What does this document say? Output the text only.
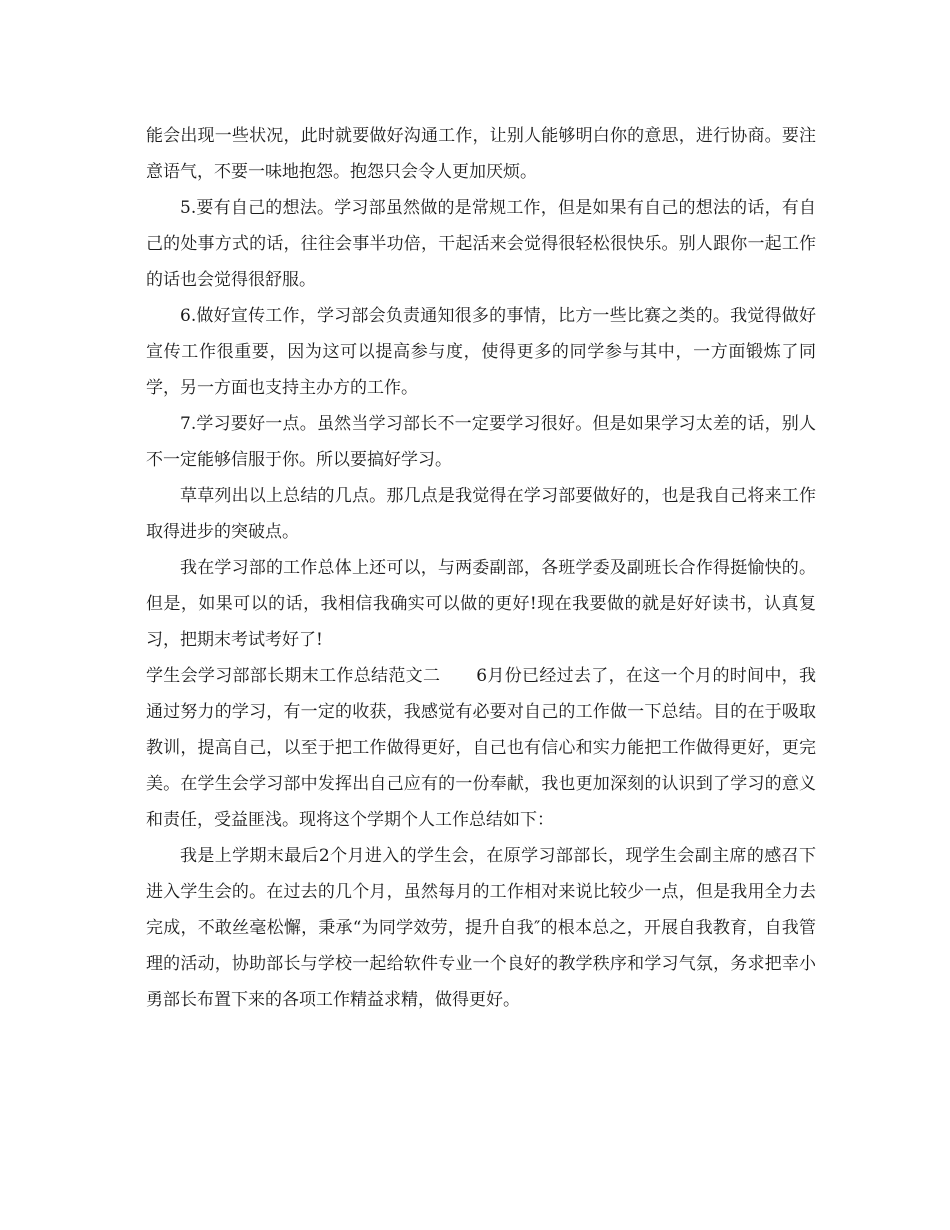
能会出现一些状况，此时就要做好沟通工作，让别人能够明白你的意思，进行协商。要注意语气，不要一味地抱怨。抱怨只会令人更加厌烦。

5.要有自己的想法。学习部虽然做的是常规工作，但是如果有自己的想法的话，有自己的处事方式的话，往往会事半功倍，干起活来会觉得很轻松很快乐。别人跟你一起工作的话也会觉得很舒服。

6.做好宣传工作，学习部会负责通知很多的事情，比方一些比赛之类的。我觉得做好宣传工作很重要，因为这可以提高参与度，使得更多的同学参与其中，一方面锻炼了同学，另一方面也支持主办方的工作。

7.学习要好一点。虽然当学习部长不一定要学习很好。但是如果学习太差的话，别人不一定能够信服于你。所以要搞好学习。

草草列出以上总结的几点。那几点是我觉得在学习部要做好的，也是我自己将来工作取得进步的突破点。

我在学习部的工作总体上还可以，与两委副部，各班学委及副班长合作得挺愉快的。但是，如果可以的话，我相信我确实可以做的更好!现在我要做的就是好好读书，认真复习，把期末考试考好了!

学生会学习部部长期末工作总结范文二 6月份已经过去了，在这一个月的时间中，我通过努力的学习，有一定的收获，我感觉有必要对自己的工作做一下总结。目的在于吸取教训，提高自己，以至于把工作做得更好，自己也有信心和实力能把工作做得更好，更完美。在学生会学习部中发挥出自己应有的一份奉献，我也更加深刻的认识到了学习的意义和责任，受益匪浅。现将这个学期个人工作总结如下：

我是上学期末最后2个月进入的学生会，在原学习部部长，现学生会副主席的感召下进入学生会的。在过去的几个月，虽然每月的工作相对来说比较少一点，但是我用全力去完成，不敢丝毫松懈，秉承“为同学效劳，提升自我″的根本总之，开展自我教育，自我管理的活动，协助部长与学校一起给软件专业一个良好的教学秩序和学习气氛，务求把幸小勇部长布置下来的各项工作精益求精，做得更好。
